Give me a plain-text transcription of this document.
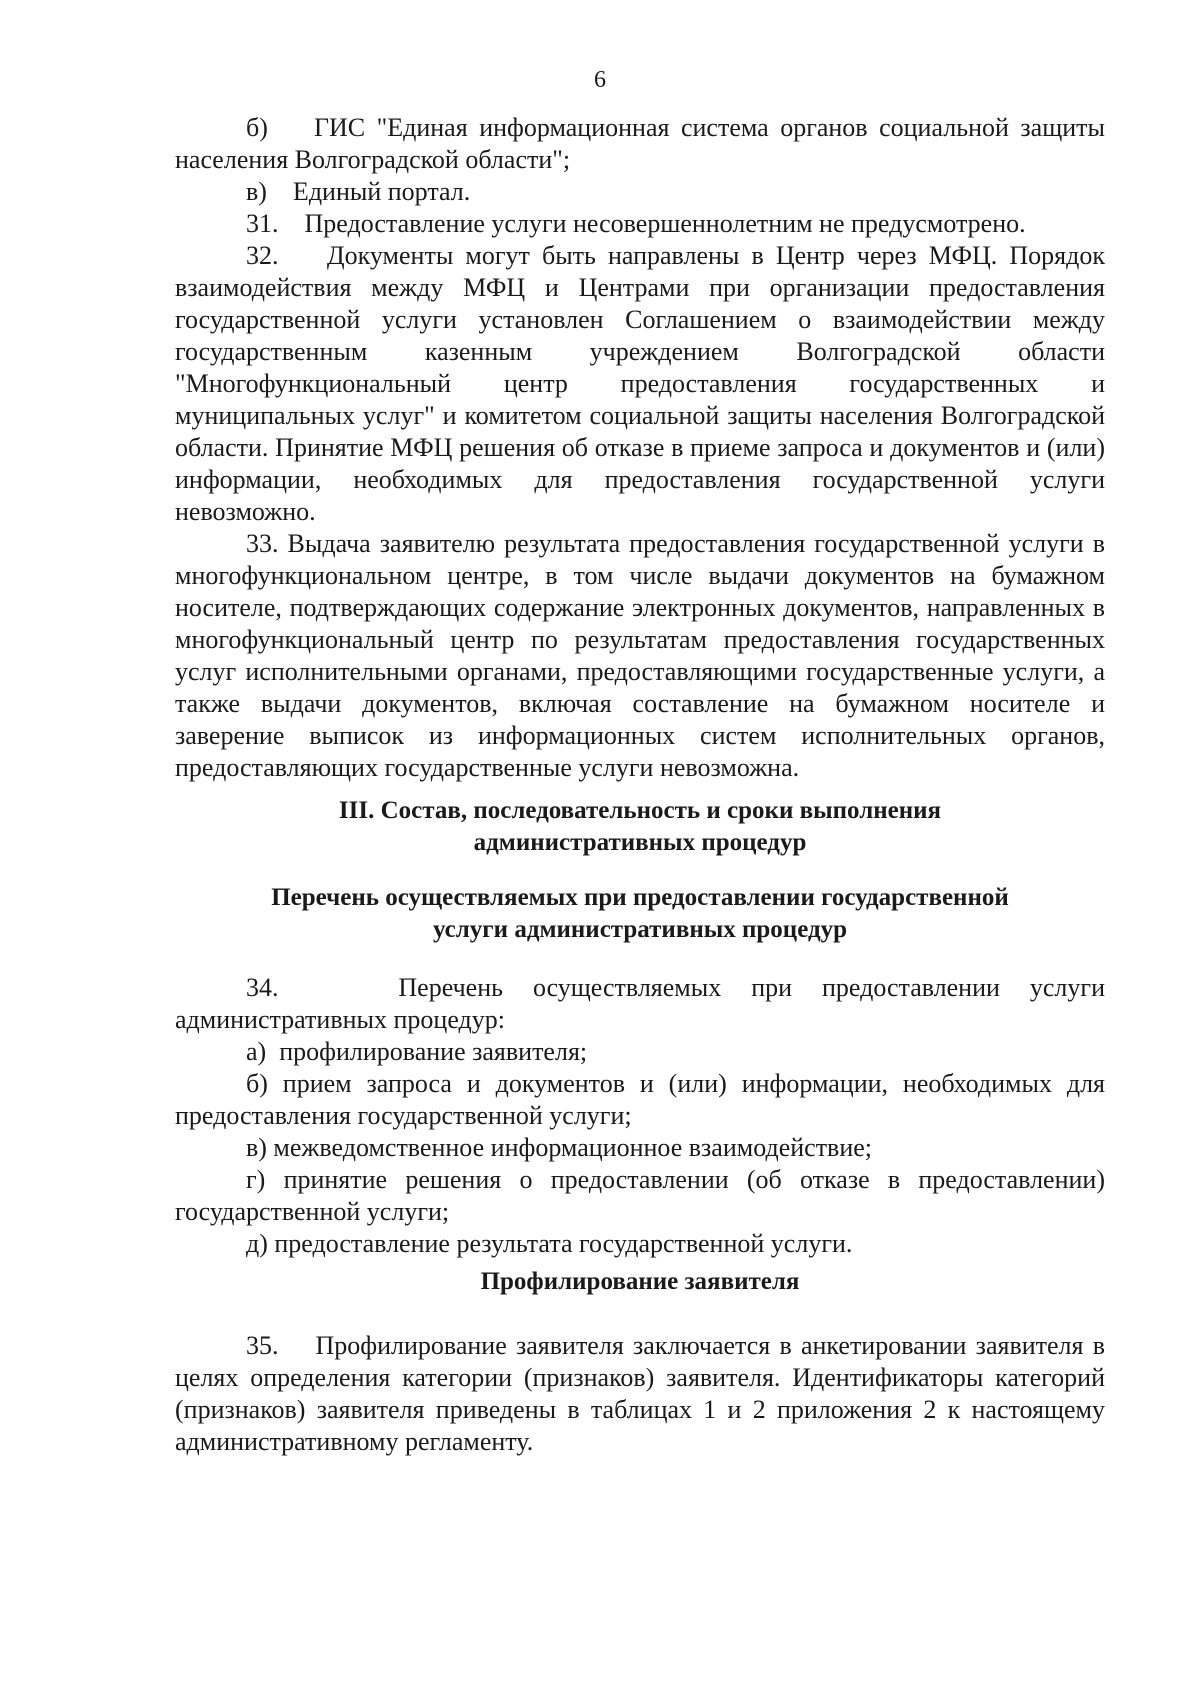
6

б)    ГИС "Единая информационная система органов социальной защиты населения Волгоградской области";

в)    Единый портал.

31.    Предоставление услуги несовершеннолетним не предусмотрено.

32.    Документы могут быть направлены в Центр через МФЦ. Порядок взаимодействия между МФЦ и Центрами при организации предоставления государственной услуги установлен Соглашением о взаимодействии между государственным казенным учреждением Волгоградской области "Многофункциональный центр предоставления государственных и муниципальных услуг" и комитетом социальной защиты населения Волгоградской области. Принятие МФЦ решения об отказе в приеме запроса и документов и (или) информации, необходимых для предоставления государственной услуги невозможно.

33. Выдача заявителю результата предоставления государственной услуги в многофункциональном центре, в том числе выдачи документов на бумажном носителе, подтверждающих содержание электронных документов, направленных в многофункциональный центр по результатам предоставления государственных услуг исполнительными органами, предоставляющими государственные услуги, а также выдачи документов, включая составление на бумажном носителе и заверение выписок из информационных систем исполнительных органов, предоставляющих государственные услуги невозможна.

III. Состав, последовательность и сроки выполнения
административных процедур
Перечень осуществляемых при предоставлении государственной
услуги административных процедур

34.    Перечень осуществляемых при предоставлении услуги административных процедур:

а)  профилирование заявителя;

б) прием запроса и документов и (или) информации, необходимых для предоставления государственной услуги;

в) межведомственное информационное взаимодействие;

г) принятие решения о предоставлении (об отказе в предоставлении) государственной услуги;

д) предоставление результата государственной услуги.

Профилирование заявителя

35.    Профилирование заявителя заключается в анкетировании заявителя в целях определения категории (признаков) заявителя. Идентификаторы категорий (признаков) заявителя приведены в таблицах 1 и 2 приложения 2 к настоящему административному регламенту.
